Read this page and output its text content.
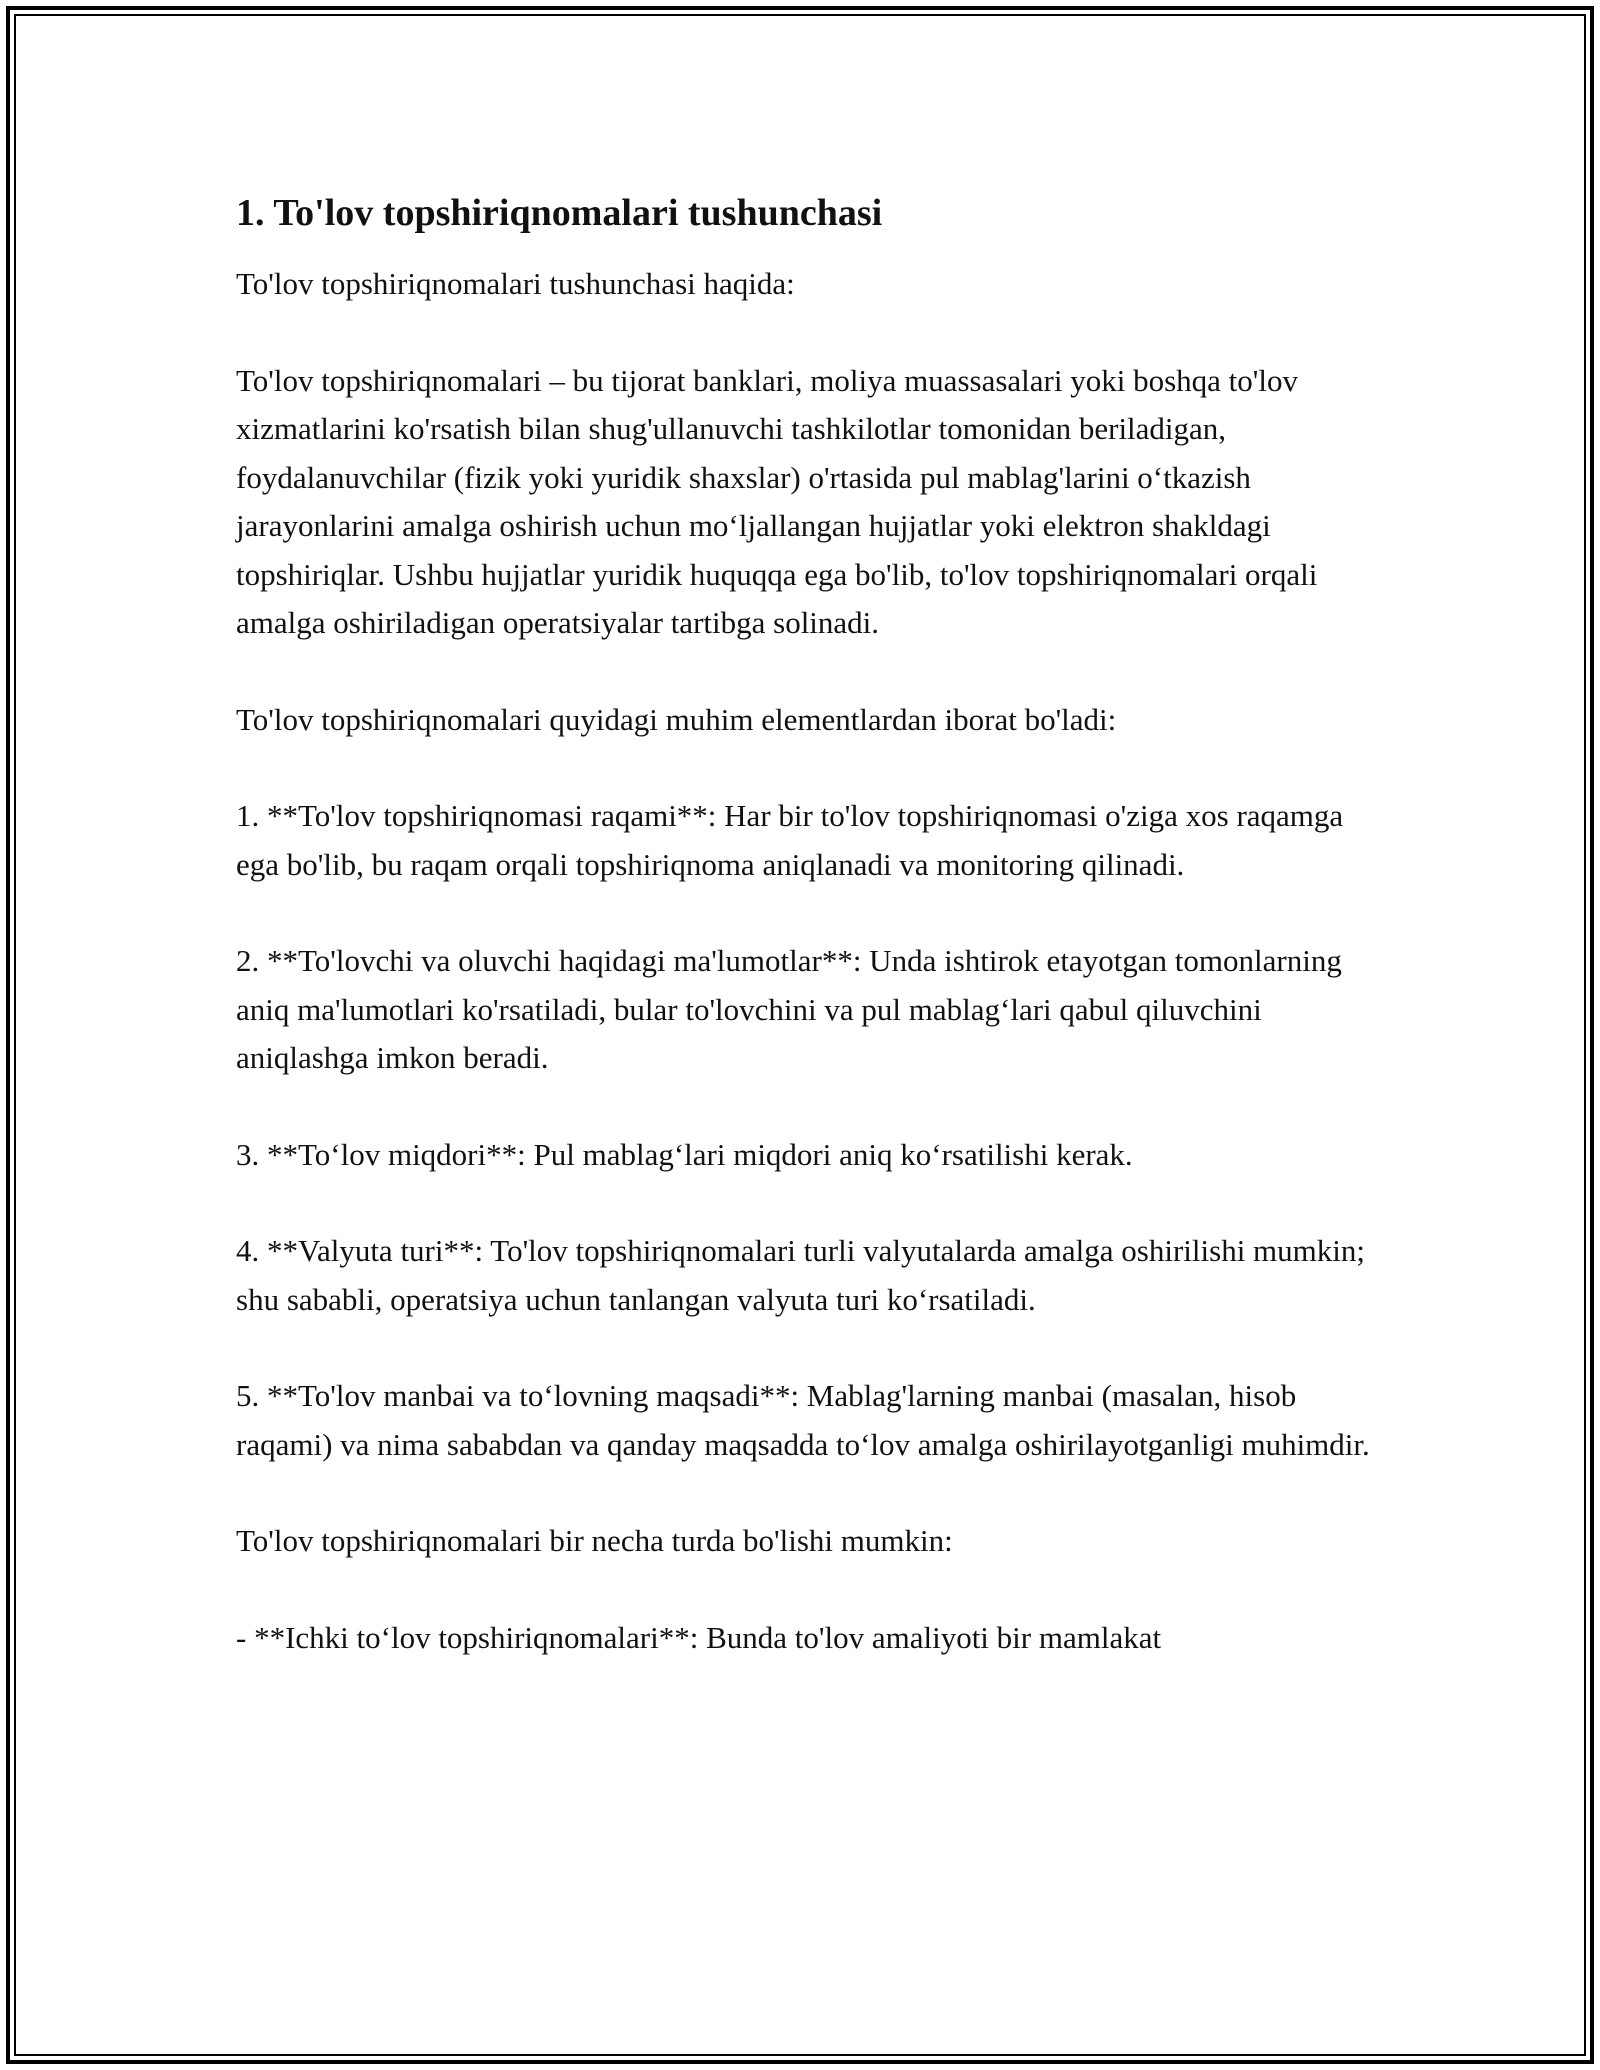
1. To'lov topshiriqnomalari tushunchasi

To'lov topshiriqnomalari tushunchasi haqida:

To'lov topshiriqnomalari – bu tijorat banklari, moliya muassasalari yoki boshqa to'lov xizmatlarini ko'rsatish bilan shug'ullanuvchi tashkilotlar tomonidan beriladigan, foydalanuvchilar (fizik yoki yuridik shaxslar) o'rtasida pul mablag'larini o‘tkazish jarayonlarini amalga oshirish uchun mo‘ljallangan hujjatlar yoki elektron shakldagi topshiriqlar. Ushbu hujjatlar yuridik huquqqa ega bo'lib, to'lov topshiriqnomalari orqali amalga oshiriladigan operatsiyalar tartibga solinadi.

To'lov topshiriqnomalari quyidagi muhim elementlardan iborat bo'ladi:

1. **To'lov topshiriqnomasi raqami**: Har bir to'lov topshiriqnomasi o'ziga xos raqamga ega bo'lib, bu raqam orqali topshiriqnoma aniqlanadi va monitoring qilinadi.

2. **To'lovchi va oluvchi haqidagi ma'lumotlar**: Unda ishtirok etayotgan tomonlarning aniq ma'lumotlari ko'rsatiladi, bular to'lovchini va pul mablag‘lari qabul qiluvchini aniqlashga imkon beradi.

3. **To‘lov miqdori**: Pul mablag‘lari miqdori aniq ko‘rsatilishi kerak.

4. **Valyuta turi**: To'lov topshiriqnomalari turli valyutalarda amalga oshirilishi mumkin; shu sababli, operatsiya uchun tanlangan valyuta turi ko‘rsatiladi.

5. **To'lov manbai va to‘lovning maqsadi**: Mablag'larning manbai (masalan, hisob raqami) va nima sababdan va qanday maqsadda to‘lov amalga oshirilayotganligi muhimdir.

To'lov topshiriqnomalari bir necha turda bo'lishi mumkin:

- **Ichki to‘lov topshiriqnomalari**: Bunda to'lov amaliyoti bir mamlakat
